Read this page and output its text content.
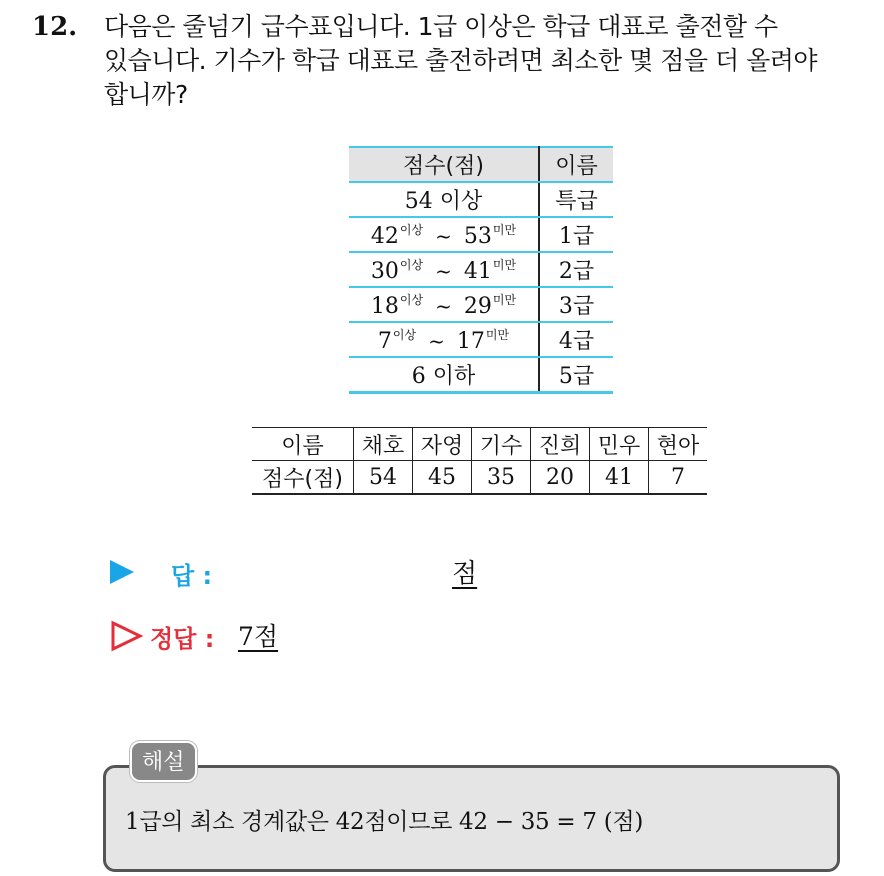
12. 다음은 줄넘기 급수표입니다. 1급 이상은 학급 대표로 출전할 수
있습니다. 기수가 학급 대표로 출전하려면 최소한 몇 점을 더 올려야
합니까?
점수(점)	이름
54 이상	특급
$42^{이상}$ ~ $53^{미만}$	1급
$30^{이상}$ ~ $41^{미만}$	2급
$18^{이상}$ ~ $29^{미만}$	3급
$7^{이상}$ ~ $17^{미만}$	4급
6 이하	5급
이름	채호	자영	기수	진희	민우	현아
점수(점)	54	45	35	20	41	7
답 :	점
정답 : 7점
해설
1급의 최소 경계값은 42점이므로 42 − 35 = 7 (점)
